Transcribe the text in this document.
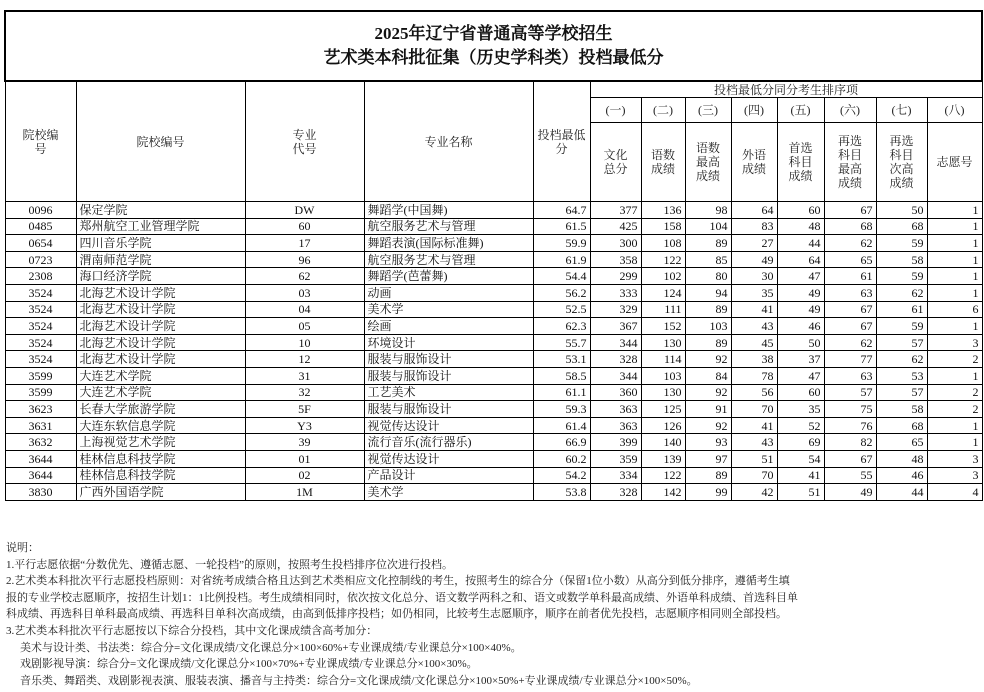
2025年辽宁省普通高等学校招生
艺术类本科批征集（历史学科类）投档最低分												

院校编号	院校编号	专业代号	专业名称	投档最低分	投档最低分同分考生排序项							
					(一)	(二)	(三)	(四)	(五)	(六)	(七)	(八)
					文化总分	语数成绩	语数最高成绩	外语成绩	首选科目成绩	再选科目最高成绩	再选科目次高成绩	志愿号
0096	保定学院	DW	舞蹈学(中国舞)	64.7	377	136	98	64	60	67	50	1
0485	郑州航空工业管理学院	60	航空服务艺术与管理	61.5	425	158	104	83	48	68	68	1
0654	四川音乐学院	17	舞蹈表演(国际标准舞)	59.9	300	108	89	27	44	62	59	1
0723	渭南师范学院	96	航空服务艺术与管理	61.9	358	122	85	49	64	65	58	1
2308	海口经济学院	62	舞蹈学(芭蕾舞)	54.4	299	102	80	30	47	61	59	1
3524	北海艺术设计学院	03	动画	56.2	333	124	94	35	49	63	62	1
3524	北海艺术设计学院	04	美术学	52.5	329	111	89	41	49	67	61	6
3524	北海艺术设计学院	05	绘画	62.3	367	152	103	43	46	67	59	1
3524	北海艺术设计学院	10	环境设计	55.7	344	130	89	45	50	62	57	3
3524	北海艺术设计学院	12	服装与服饰设计	53.1	328	114	92	38	37	77	62	2
3599	大连艺术学院	31	服装与服饰设计	58.5	344	103	84	78	47	63	53	1
3599	大连艺术学院	32	工艺美术	61.1	360	130	92	56	60	57	57	2
3623	长春大学旅游学院	5F	服装与服饰设计	59.3	363	125	91	70	35	75	58	2
3631	大连东软信息学院	Y3	视觉传达设计	61.4	363	126	92	41	52	76	68	1
3632	上海视觉艺术学院	39	流行音乐(流行器乐)	66.9	399	140	93	43	69	82	65	1
3644	桂林信息科技学院	01	视觉传达设计	60.2	359	139	97	51	54	67	48	3
3644	桂林信息科技学院	02	产品设计	54.2	334	122	89	70	41	55	46	3
3830	广西外国语学院	1M	美术学	53.8	328	142	99	42	51	49	44	4
说明：
1.平行志愿依据“分数优先、遵循志愿、一轮投档”的原则，按照考生投档排序位次进行投档。
2.艺术类本科批次平行志愿投档原则：对省统考成绩合格且达到艺术类相应文化控制线的考生，按照考生的综合分（保留1位小数）从高分到低分排序，遵循考生填
报的专业学校志愿顺序，按招生计划1：1比例投档。考生成绩相同时，依次按文化总分、语文数学两科之和、语文或数学单科最高成绩、外语单科成绩、首选科目单
科成绩、再选科目单科最高成绩、再选科目单科次高成绩，由高到低排序投档；如仍相同，比较考生志愿顺序，顺序在前者优先投档，志愿顺序相同则全部投档。
3.艺术类本科批次平行志愿按以下综合分投档，其中文化课成绩含高考加分：
美术与设计类、书法类：综合分=文化课成绩/文化课总分×100×60%+专业课成绩/专业课总分×100×40%。
戏剧影视导演：综合分=文化课成绩/文化课总分×100×70%+专业课成绩/专业课总分×100×30%。
音乐类、舞蹈类、戏剧影视表演、服装表演、播音与主持类：综合分=文化课成绩/文化课总分×100×50%+专业课成绩/专业课总分×100×50%。
